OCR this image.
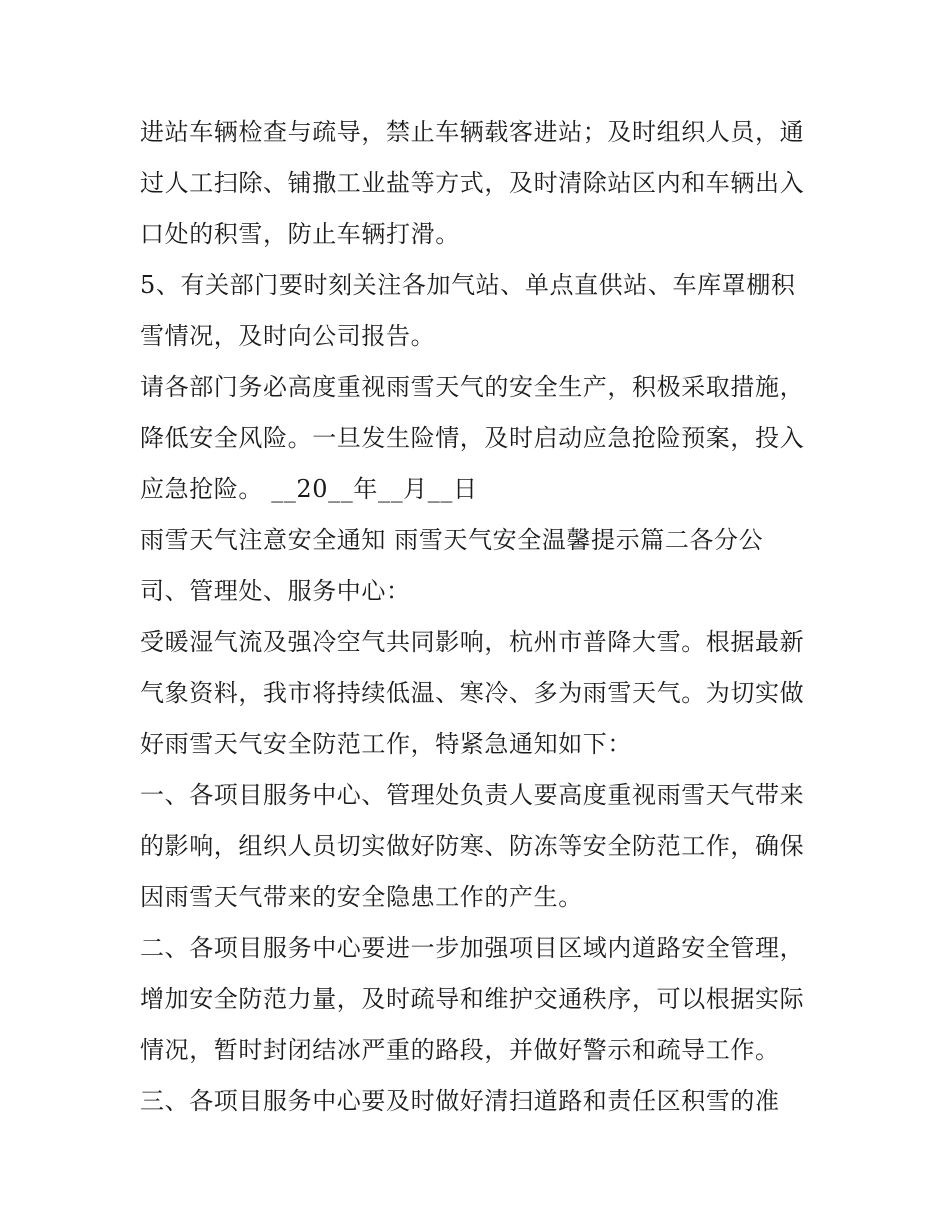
进站车辆检查与疏导，禁止车辆载客进站；及时组织人员，通
过人工扫除、铺撒工业盐等方式，及时清除站区内和车辆出入
口处的积雪，防止车辆打滑。
5、有关部门要时刻关注各加气站、单点直供站、车库罩棚积
雪情况，及时向公司报告。
请各部门务必高度重视雨雪天气的安全生产，积极采取措施，
降低安全风险。一旦发生险情，及时启动应急抢险预案，投入
应急抢险。 __20__年__月__日
雨雪天气注意安全通知 雨雪天气安全温馨提示篇二各分公
司、管理处、服务中心：
受暖湿气流及强冷空气共同影响，杭州市普降大雪。根据最新
气象资料，我市将持续低温、寒冷、多为雨雪天气。为切实做
好雨雪天气安全防范工作，特紧急通知如下：
一、各项目服务中心、管理处负责人要高度重视雨雪天气带来
的影响，组织人员切实做好防寒、防冻等安全防范工作，确保
因雨雪天气带来的安全隐患工作的产生。
二、各项目服务中心要进一步加强项目区域内道路安全管理，
增加安全防范力量，及时疏导和维护交通秩序，可以根据实际
情况，暂时封闭结冰严重的路段，并做好警示和疏导工作。
三、各项目服务中心要及时做好清扫道路和责任区积雪的准
